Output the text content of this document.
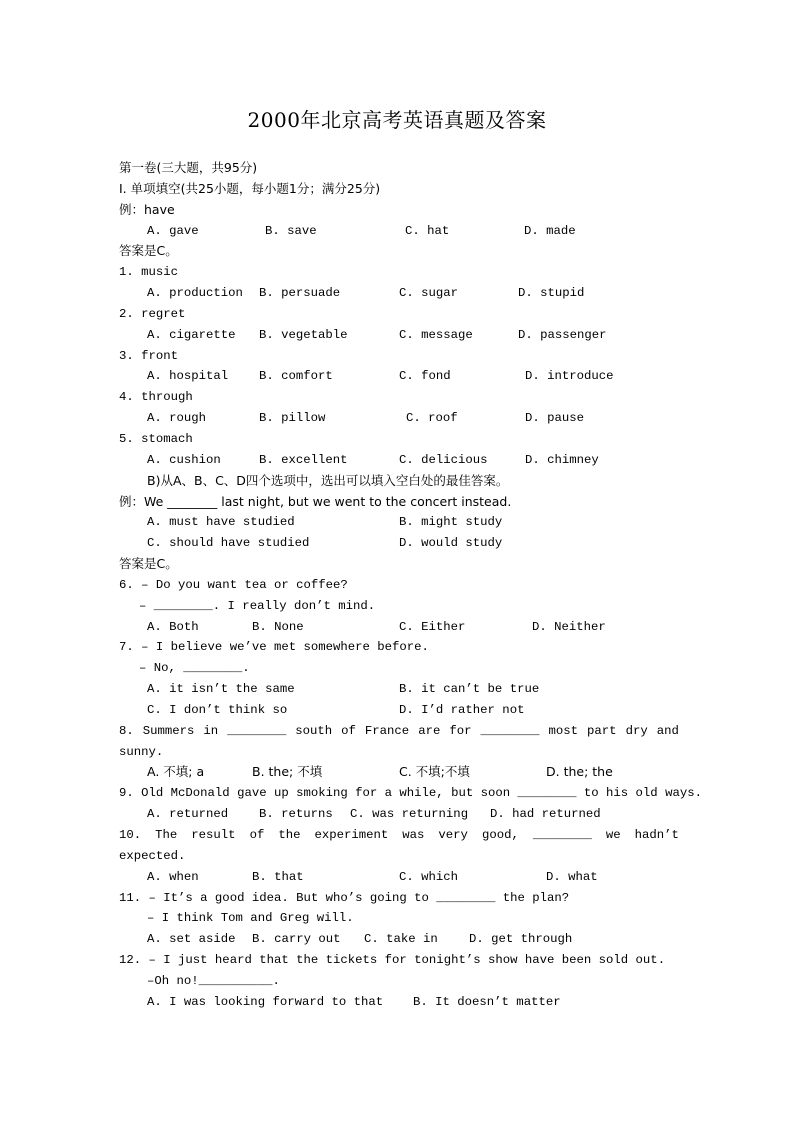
2000年北京高考英语真题及答案
第一卷(三大题，共95分)
I. 单项填空(共25小题，每小题1分；满分25分)
例：have

A. gave

	B. save

	C. hat

	D. made

答案是C。
1. music

A. production

B. persuade

	C. sugar

	D. stupid

2. regret

A. cigarette

B. vegetable

	C. message

	D. passenger

3. front

A. hospital

	B. comfort

	C. fond

	D. introduce

4. through

A. rough

	B. pillow

	C. roof

	D. pause

5. stomach

A. cushion

	B. excellent

	C. delicious

	D. chimney

B)从A、B、C、D四个选项中，选出可以填入空白处的最佳答案。
例：We ________ last night, but we went to the concert instead.

A. must have studied

	B. might study

C. should have studied

	D. would study

答案是C。
6. – Do you want tea or coffee?
– ________. I really don’t mind.

A. Both

	B. None

	C. Either

	D. Neither

7. – I believe we’ve met somewhere before.
– No, ________.

A. it isn’t the same

	B. it can’t be true

C. I don’t think so

	D. I’d rather not

8. Summers in ________ south of France are for ________ most part dry and
sunny.

A. 不填; a

	B. the; 不填

	C. 不填;不填

	D. the; the

9. Old McDonald gave up smoking for a while, but soon ________ to his old ways.

A. returned

	B. returns

C. was returning

D. had returned

10. The result of the experiment was very good, ________ we hadn’t
expected.

A. when

	B. that

	C. which

	D. what

11. – It’s a good idea. But who’s going to ________ the plan?
– I think Tom and Greg will.

A. set aside

B. carry out

C. take in

	D. get through

12. – I just heard that the tickets for tonight’s show have been sold out.
–Oh no!__________.

A. I was looking forward to that

B. It doesn’t matter
